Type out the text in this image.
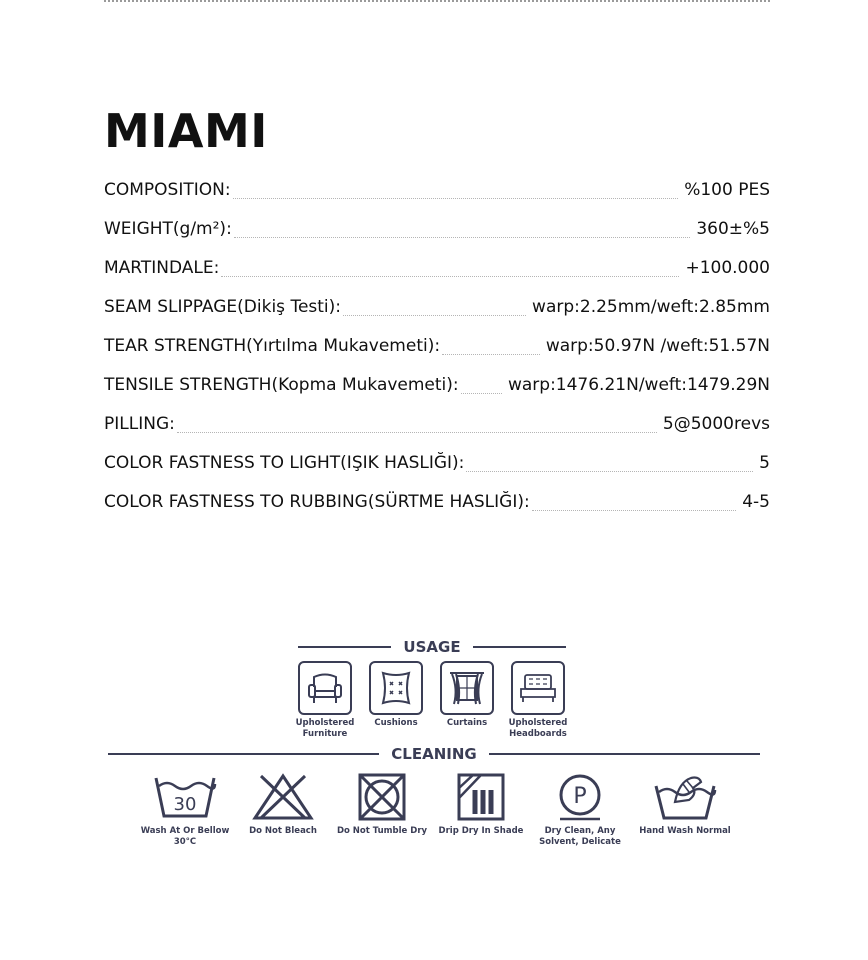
MIAMI
COMPOSITION:	%100 PES
WEIGHT(g/m²):	360±%5
MARTINDALE:	+100.000
SEAM SLIPPAGE(Dikiş Testi):	warp:2.25mm/weft:2.85mm
TEAR STRENGTH(Yırtılma Mukavemeti):	warp:50.97N /weft:51.57N
TENSILE STRENGTH(Kopma Mukavemeti):	warp:1476.21N/weft:1479.29N
PILLING:	5@5000revs
COLOR FASTNESS TO LIGHT(IŞIK HASLIĞI):	5
COLOR FASTNESS TO RUBBING(SÜRTME HASLIĞI):	4-5
USAGE
Upholstered Furniture
Cushions	Curtains	Upholstered Headboards
CLEANING
30
Wash At Or Bellow 30°C
Do Not Bleach	Do Not Tumble Dry	Drip Dry In Shade
P
Dry Clean, Any Solvent, Delicate
Hand Wash Normal
